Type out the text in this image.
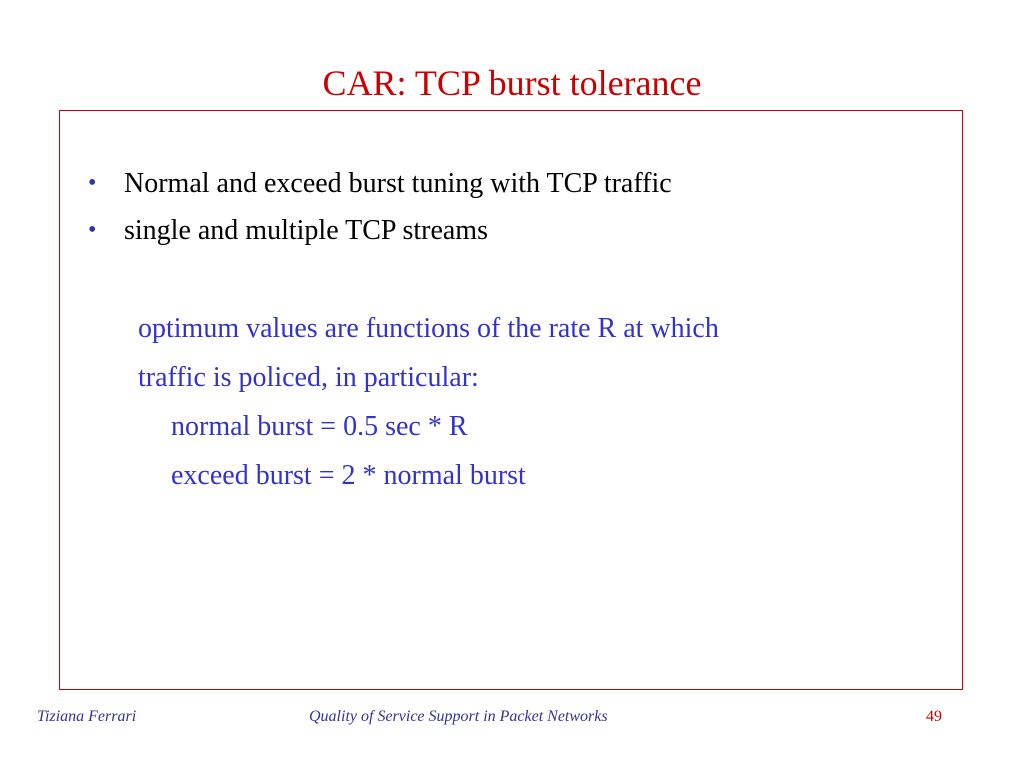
CAR: TCP burst tolerance
• Normal and exceed burst tuning with TCP traffic
• single and multiple TCP streams

optimum values are functions of the rate R at which

traffic is policed, in particular:

normal burst = 0.5 sec * R

exceed burst = 2 * normal burst

Tiziana Ferrari	Quality of Service Support in Packet Networks	49
